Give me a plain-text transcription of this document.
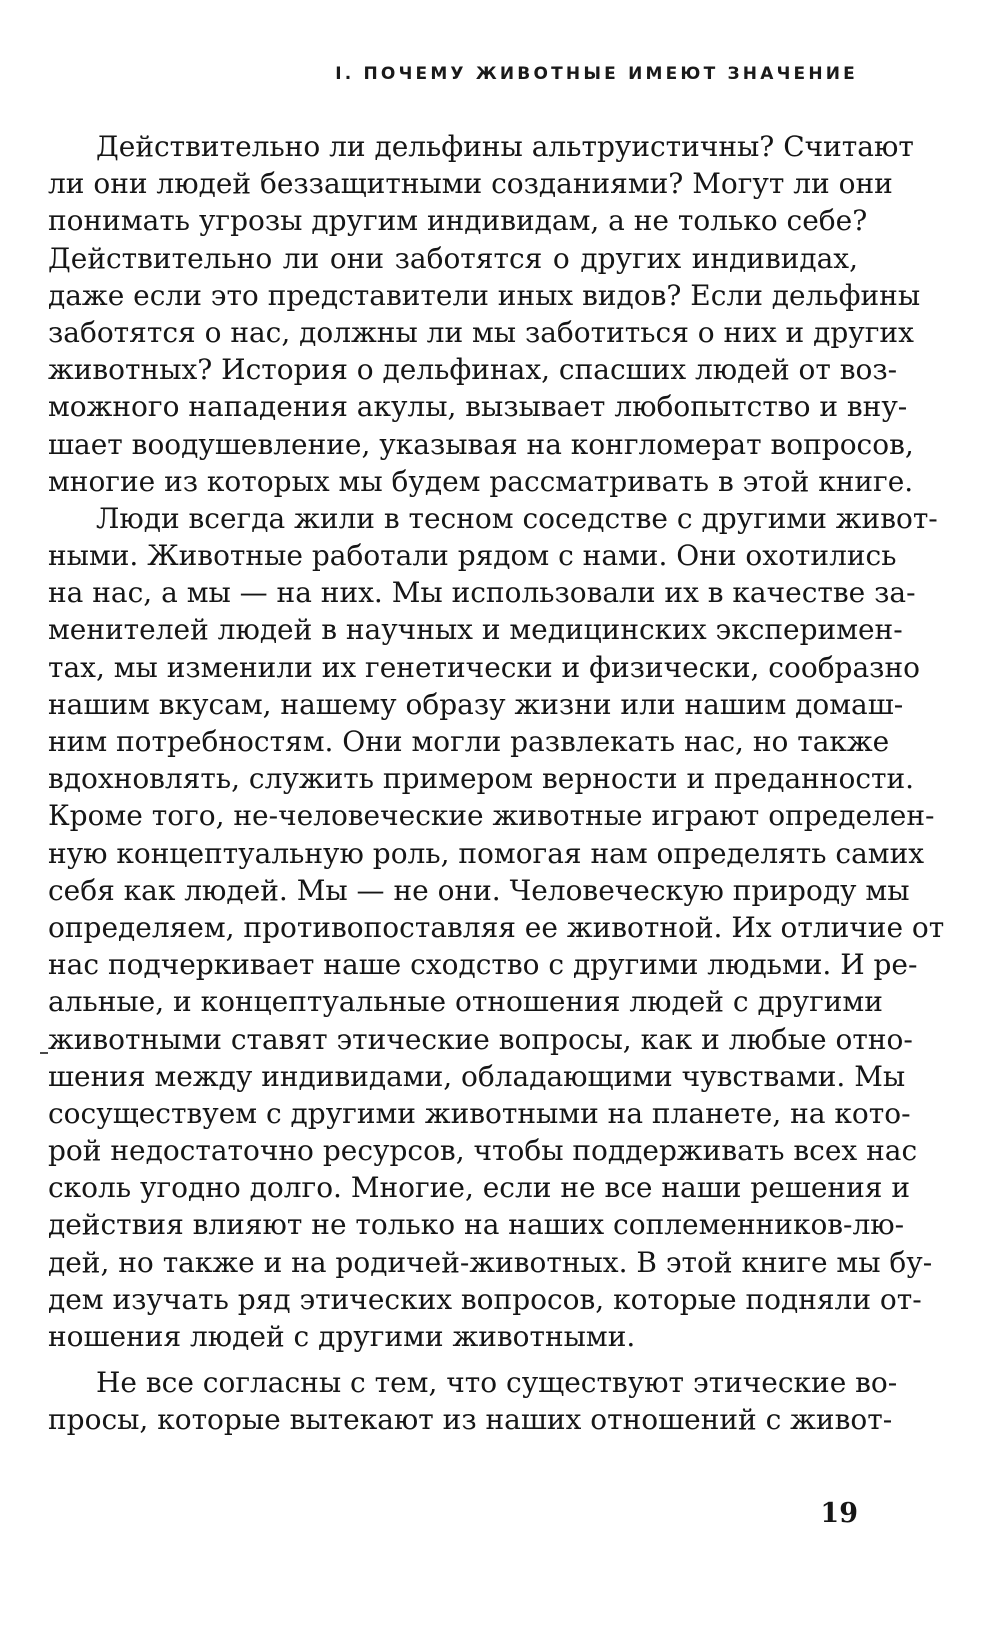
I. ПОЧЕМУ ЖИВОТНЫЕ ИМЕЮТ ЗНАЧЕНИЕ
Действительно ли дельфины альтруистичны? Считают
ли они людей беззащитными созданиями? Могут ли они
понимать угрозы другим индивидам, а не только себе?
Действительно ли они заботятся о других индивидах,
даже если это представители иных видов? Если дельфины
заботятся о нас, должны ли мы заботиться о них и других
животных? История о дельфинах, спасших людей от воз-
можного нападения акулы, вызывает любопытство и вну-
шает воодушевление, указывая на конгломерат вопросов,
многие из которых мы будем рассматривать в этой книге.
Люди всегда жили в тесном соседстве с другими живот-
ными. Животные работали рядом с нами. Они охотились
на нас, а мы — на них. Мы использовали их в качестве за-
менителей людей в научных и медицинских эксперимен-
тах, мы изменили их генетически и физически, сообразно
нашим вкусам, нашему образу жизни или нашим домаш-
ним потребностям. Они могли развлекать нас, но также
вдохновлять, служить примером верности и преданности.
Кроме того, не-человеческие животные играют определен-
ную концептуальную роль, помогая нам определять самих
себя как людей. Мы — не они. Человеческую природу мы
определяем, противопоставляя ее животной. Их отличие от
нас подчеркивает наше сходство с другими людьми. И ре-
альные, и концептуальные отношения людей с другими
животными ставят этические вопросы, как и любые отно-
шения между индивидами, обладающими чувствами. Мы
сосуществуем с другими животными на планете, на кото-
рой недостаточно ресурсов, чтобы поддерживать всех нас
сколь угодно долго. Многие, если не все наши решения и
действия влияют не только на наших соплеменников-лю-
дей, но также и на родичей-животных. В этой книге мы бу-
дем изучать ряд этических вопросов, которые подняли от-
ношения людей с другими животными.
Не все согласны с тем, что существуют этические во-
просы, которые вытекают из наших отношений с живот-
19
